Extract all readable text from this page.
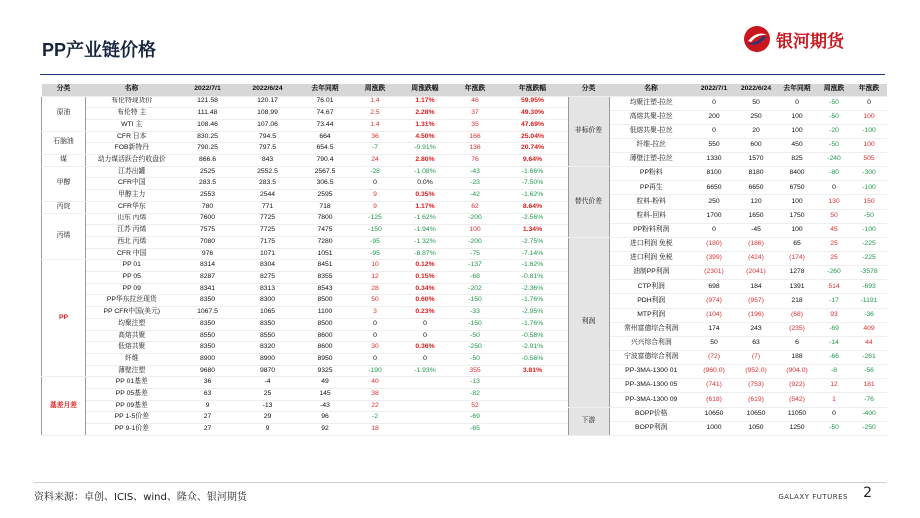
PP产业链价格	银河期货
分类	名称	2022/7/1	2022/6/24	去年同期	周涨跌	周涨跌幅	年涨跌	年涨跌幅
原油	布伦特现货价	121.58	120.17	76.01	1.4	1.17%	46	59.95%
	布伦特 主	111.48	108.99	74.67	2.5	2.28%	37	49.30%
	WTI 主	108.46	107.06	73.44	1.4	1.31%	35	47.69%
石脑油	CFR 日本	830.25	794.5	664	36	4.50%	166	25.04%
	FOB新特丹	790.25	797.5	654.5	-7	-0.91%	136	20.74%
煤	动力煤活跃合约收盘价	866.6	843	790.4	24	2.80%	76	9.64%
甲醇	江苏出罐	2525	2552.5	2567.5	-28	-1.08%	-43	-1.66%
	CFR中国	283.5	283.5	306.5	0	0.0%	-23	-7.50%
	甲醇主力	2553	2544	2595	9	0.35%	-42	-1.62%
丙烷	CFR华东	780	771	718	9	1.17%	62	8.64%
丙烯	山东 丙烯	7600	7725	7800	-125	-1.62%	-200	-2.56%
	江苏 丙烯	7575	7725	7475	-150	-1.94%	100	1.34%
	西北 丙烯	7080	7175	7280	-95	-1.32%	-200	-2.75%
	CFR 中国	976	1071	1051	-95	-8.87%	-75	-7.14%
PP	PP 01	8314	8304	8451	10	0.12%	-137	-1.62%
	PP 05	8287	8275	8355	12	0.15%	-68	-0.81%
	PP 09	8341	8313	8543	28	0.34%	-202	-2.36%
	PP华东拉丝现货	8350	8300	8500	50	0.60%	-150	-1.76%
	PP CFR中国(美元)	1067.5	1065	1100	3	0.23%	-33	-2.95%
	均聚注塑	8350	8350	8500	0	0	-150	-1.76%
	高熔共聚	8550	8550	8600	0	0	-50	-0.58%
	低熔共聚	8350	8320	8600	30	0.36%	-250	-2.91%
	纤维	8900	8900	8950	0	0	-50	-0.56%
	薄壁注塑	9680	9870	9325	-190	-1.93%	355	3.81%
基差月差	PP 01基差	36	-4	49	40		-13	
	PP 05基差	63	25	145	38		-82	
	PP 09基差	9	-13	-43	22		52	
	PP 1-5价差	27	29	96	-2		-69	
	PP 9-1价差	27	9	92	18		-65	
分类	名称	2022/7/1	2022/6/24	去年同期	周涨跌	年涨跌
非标价差	均聚注塑-拉丝	0	50	0	-50	0
	高熔共聚-拉丝	200	250	100	-50	100
	低熔共聚-拉丝	0	20	100	-20	-100
	纤维-拉丝	550	600	450	-50	100
	薄壁注塑-拉丝	1330	1570	825	-240	505
替代价差	PP粉料	8100	8180	8400	-80	-300
	PP再生	6650	6650	6750	0	-100
	粒料-粉料	250	120	100	130	150
	粒料-回料	1700	1650	1750	50	-50
	PP粉料利润	0	-45	100	45	-100
利润	进口利润 免税	(180)	(186)	65	25	-225
	进口利润 免税	(399)	(424)	(174)	25	-225
	油制PP利润	(2301)	(2041)	1278	-260	-3578
	CTP利润	698	184	1391	514	-693
	PDH利润	(974)	(957)	218	-17	-1191
	MTP利润	(104)	(196)	(68)	93	-36
	常州富德综合利润	174	243	(235)	-69	409
	兴兴综合利润	50	63	6	-14	44
	宁波富德综合利润	(72)	(7)	188	-66	-261
	PP-3MA-1300 01	(960.0)	(952.0)	(904.0)	-8	-56
	PP-3MA-1300 05	(741)	(753)	(922)	12	181
	PP-3MA-1300 09	(618)	(619)	(542)	1	-76
下游	BOPP价格	10650	10650	11050	0	-400
	BOPP利润	1000	1050	1250	-50	-250
资料来源：卓创、ICIS、wind、隆众、银河期货	GALAXY FUTURES 2
